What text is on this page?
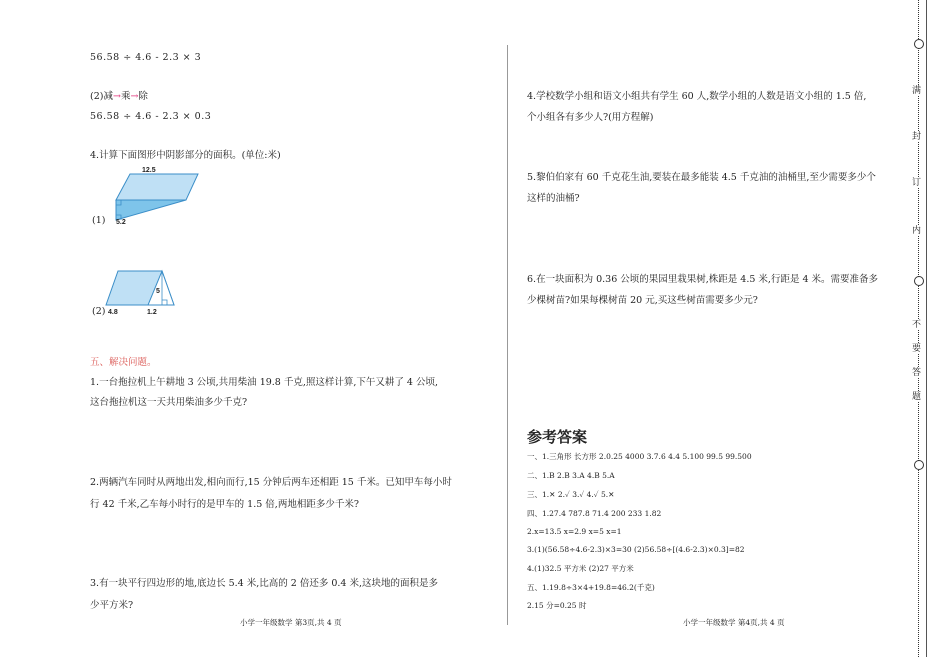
56.58 ÷ 4.6 - 2.3 × 3
(2)减→乘→除
56.58 ÷ 4.6 - 2.3 × 0.3
4.计算下面图形中阴影部分的面积。(单位:米)
12.5
(1) 5.2
5
(2) 4.8	1.2
五、解决问题。
1.一台拖拉机上午耕地 3 公顷,共用柴油 19.8 千克,照这样计算,下午又耕了 4 公顷,
这台拖拉机这一天共用柴油多少千克?
2.两辆汽车同时从两地出发,相向而行,15 分钟后两车还相距 15 千米。已知甲车每小时
行 42 千米,乙车每小时行的是甲车的 1.5 倍,两地相距多少千米?
3.有一块平行四边形的地,底边长 5.4 米,比高的 2 倍还多 0.4 米,这块地的面积是多
少平方米?
小学一年级数学 第3页,共 4 页
4.学校数学小组和语文小组共有学生 60 人,数学小组的人数是语文小组的 1.5 倍,
个小组各有多少人?(用方程解)
5.黎伯伯家有 60 千克花生油,要装在最多能装 4.5 千克油的油桶里,至少需要多少个
这样的油桶?
6.在一块面积为 0.36 公顷的果园里栽果树,株距是 4.5 米,行距是 4 米。需要准备多
少棵树苗?如果每棵树苗 20 元,买这些树苗需要多少元?
参考答案
一、1.三角形 长方形 2.0.25 4000 3.7.6 4.4 5.100 99.5 99.500
二、1.B 2.B 3.A 4.B 5.A
三、1.✕ 2.✓ 3.✓ 4.✓ 5.✕
四、1.27.4 787.8 71.4 200 233 1.82
2.x=13.5 x=2.9 x=5 x=1
3.(1)(56.58÷4.6-2.3)×3=30 (2)56.58÷[(4.6-2.3)×0.3]=82
4.(1)32.5 平方米 (2)27 平方米
五、1.19.8÷3×4+19.8=46.2(千克)
2.15 分=0.25 时
小学一年级数学 第4页,共 4 页
满
封
订
内
不
要
答
题
